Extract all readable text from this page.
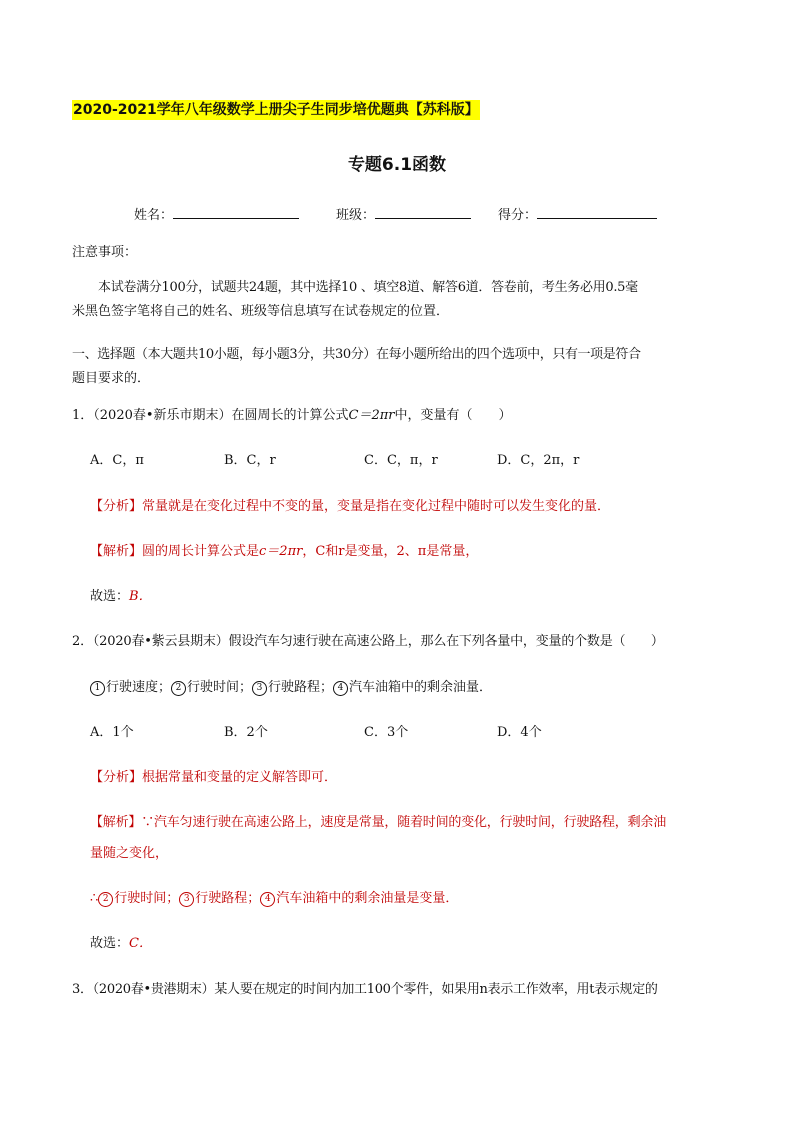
2020-2021学年八年级数学上册尖子生同步培优题典【苏科版】
专题6.1函数
姓名：	班级：	得分：
注意事项：
本试卷满分100分，试题共24题，其中选择10 、填空8道、解答6道．答卷前，考生务必用0.5毫
米黑色签字笔将自己的姓名、班级等信息填写在试卷规定的位置．
一、选择题（本大题共10小题，每小题3分，共30分）在每小题所给出的四个选项中，只有一项是符合
题目要求的．
1．（2020春•新乐市期末）在圆周长的计算公式C＝2πr中，变量有（　　）
A．C，π	B．C，r	C．C，π，r	D．C，2π，r
【分析】常量就是在变化过程中不变的量，变量是指在变化过程中随时可以发生变化的量．
【解析】圆的周长计算公式是c＝2πr，C和r是变量，2、π是常量，
故选：B．
2．（2020春•紫云县期末）假设汽车匀速行驶在高速公路上，那么在下列各量中，变量的个数是（　　）
1 行驶速度； 2 行驶时间； 3 行驶路程； 4 汽车油箱中的剩余油量．
A．1个	B．2个	C．3个	D．4个
【分析】根据常量和变量的定义解答即可．
【解析】∵汽车匀速行驶在高速公路上，速度是常量，随着时间的变化，行驶时间，行驶路程，剩余油
量随之变化，
∴ 2 行驶时间； 3 行驶路程； 4 汽车油箱中的剩余油量是变量．
故选：C．
3．（2020春•贵港期末）某人要在规定的时间内加工100个零件，如果用n表示工作效率，用t表示规定的
